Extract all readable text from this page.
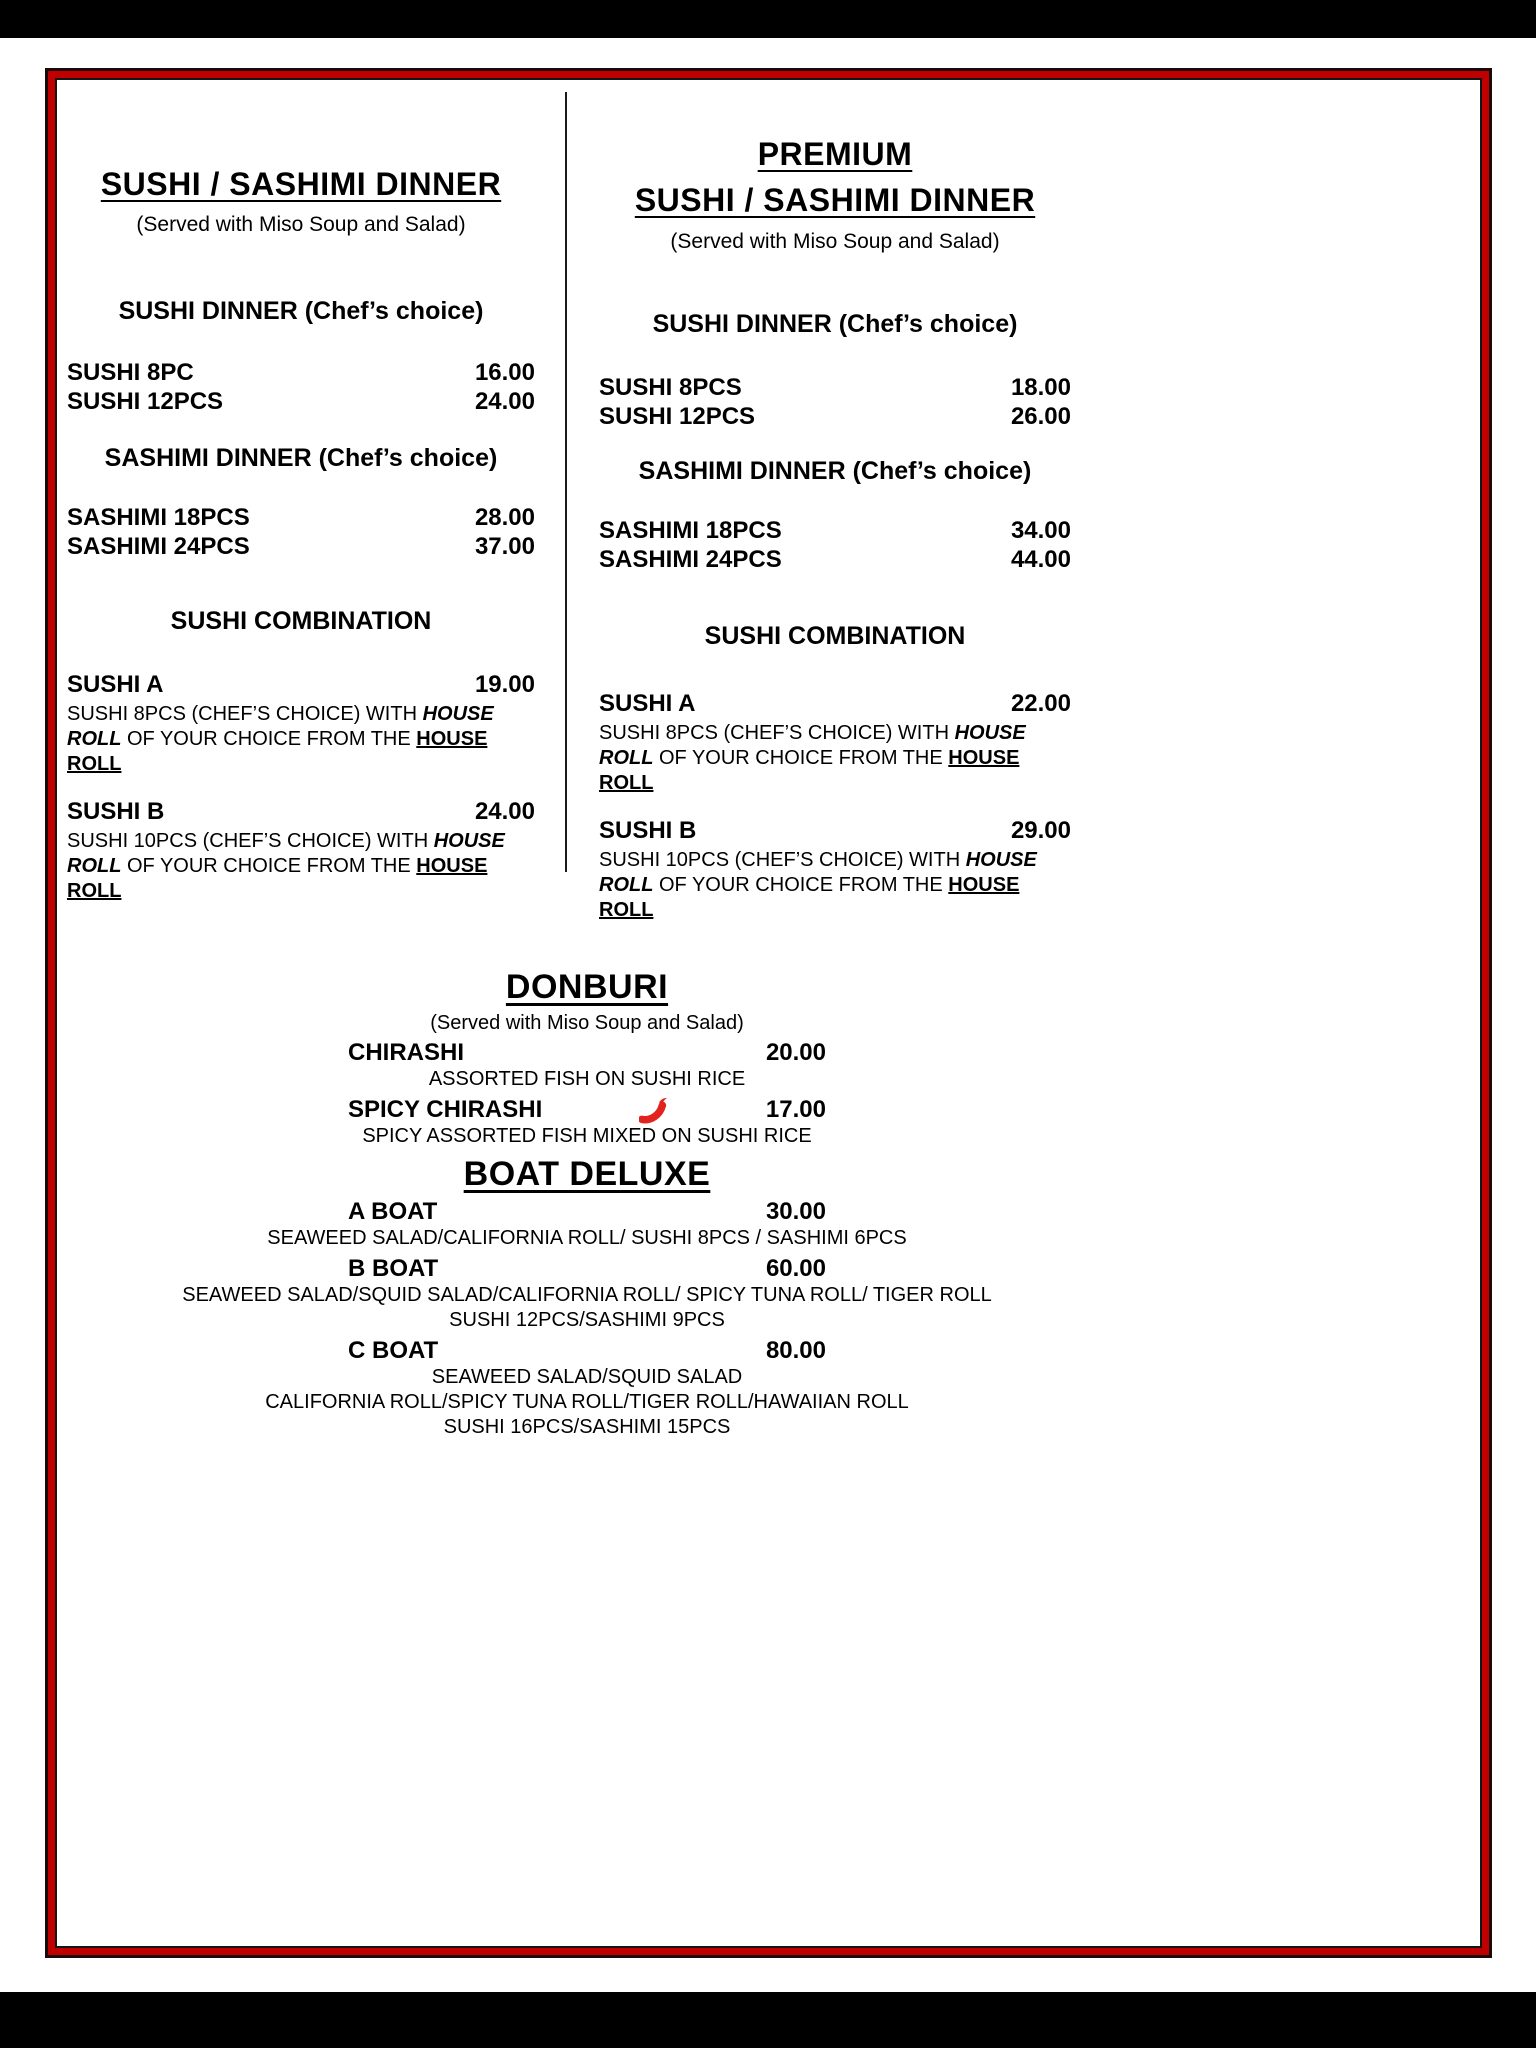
SUSHI / SASHIMI DINNER

(Served with Miso Soup and Salad)

SUSHI DINNER (Chef’s choice)
SUSHI 8PC	16.00
SUSHI 12PCS	24.00
SASHIMI DINNER (Chef’s choice)
SASHIMI 18PCS	28.00
SASHIMI 24PCS	37.00
SUSHI COMBINATION
SUSHI A	19.00

SUSHI 8PCS (CHEF’S CHOICE) WITH HOUSE ROLL OF YOUR CHOICE FROM THE HOUSE ROLL

SUSHI B	24.00

SUSHI 10PCS (CHEF’S CHOICE) WITH HOUSE ROLL OF YOUR CHOICE FROM THE HOUSE ROLL

PREMIUM
SUSHI / SASHIMI DINNER

(Served with Miso Soup and Salad)

SUSHI DINNER (Chef’s choice)
SUSHI 8PCS	18.00
SUSHI 12PCS	26.00
SASHIMI DINNER (Chef’s choice)
SASHIMI 18PCS	34.00
SASHIMI 24PCS	44.00
SUSHI COMBINATION
SUSHI A	22.00

SUSHI 8PCS (CHEF’S CHOICE) WITH HOUSE ROLL OF YOUR CHOICE FROM THE HOUSE ROLL

SUSHI B	29.00

SUSHI 10PCS (CHEF’S CHOICE) WITH HOUSE ROLL OF YOUR CHOICE FROM THE HOUSE ROLL

DONBURI

(Served with Miso Soup and Salad)

CHIRASHI	20.00

ASSORTED FISH ON SUSHI RICE

SPICY CHIRASHI	17.00

SPICY ASSORTED FISH MIXED ON SUSHI RICE

BOAT DELUXE
A BOAT	30.00

SEAWEED SALAD/CALIFORNIA ROLL/ SUSHI 8PCS / SASHIMI 6PCS

B BOAT	60.00

SEAWEED SALAD/SQUID SALAD/CALIFORNIA ROLL/ SPICY TUNA ROLL/ TIGER ROLL

SUSHI 12PCS/SASHIMI 9PCS

C BOAT	80.00

SEAWEED SALAD/SQUID SALAD

CALIFORNIA ROLL/SPICY TUNA ROLL/TIGER ROLL/HAWAIIAN ROLL

SUSHI 16PCS/SASHIMI 15PCS
